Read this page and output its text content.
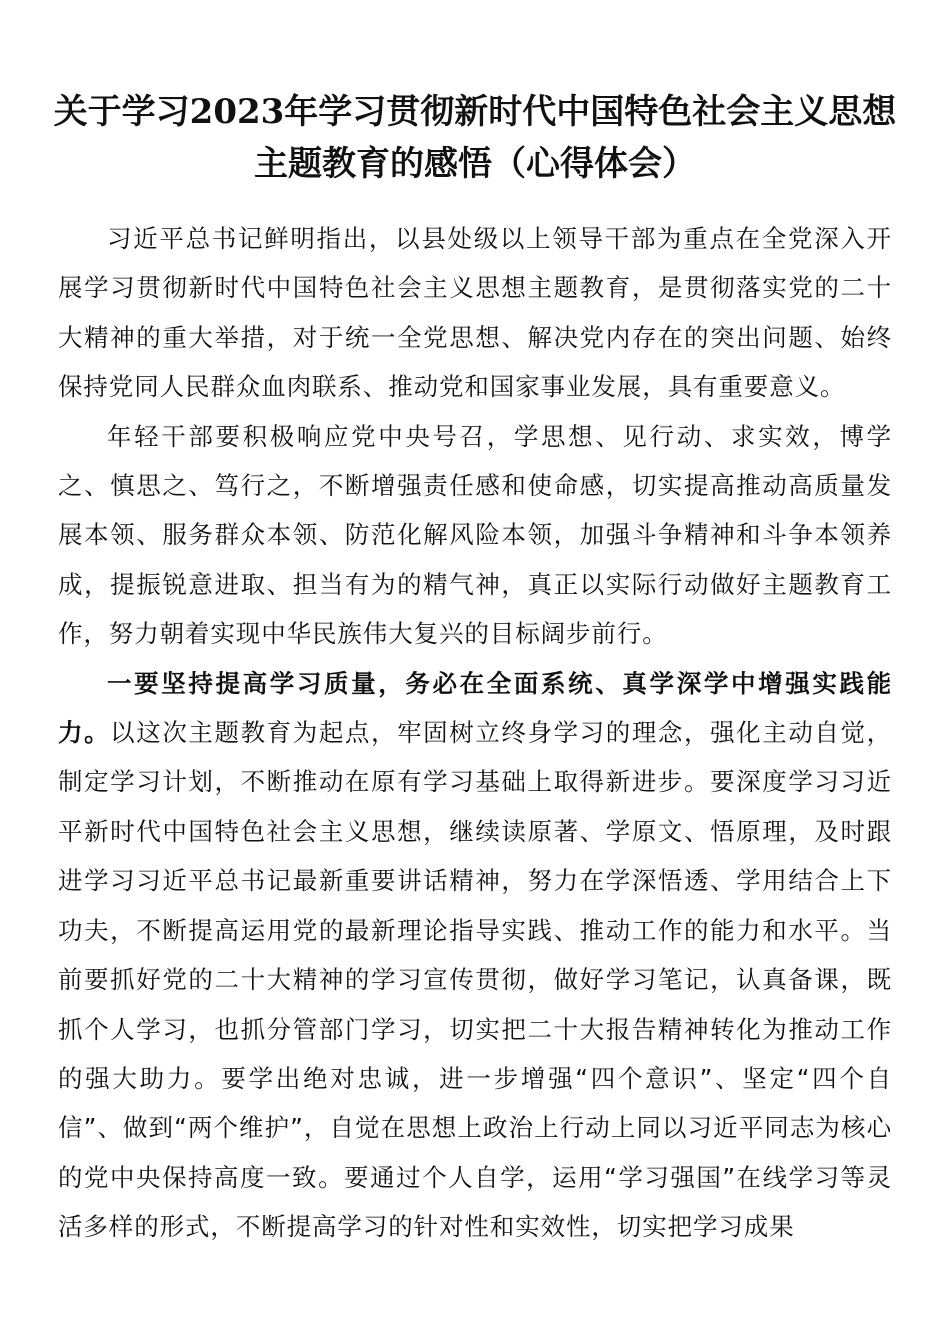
关于学习2023年学习贯彻新时代中国特色社会主义思想主题教育的感悟（心得体会）

习近平总书记鲜明指出，以县处级以上领导干部为重点在全党深入开展学习贯彻新时代中国特色社会主义思想主题教育，是贯彻落实党的二十大精神的重大举措，对于统一全党思想、解决党内存在的突出问题、始终保持党同人民群众血肉联系、推动党和国家事业发展，具有重要意义。

年轻干部要积极响应党中央号召，学思想、见行动、求实效，博学之、慎思之、笃行之，不断增强责任感和使命感，切实提高推动高质量发展本领、服务群众本领、防范化解风险本领，加强斗争精神和斗争本领养成，提振锐意进取、担当有为的精气神，真正以实际行动做好主题教育工作，努力朝着实现中华民族伟大复兴的目标阔步前行。

一要坚持提高学习质量，务必在全面系统、真学深学中增强实践能力。以这次主题教育为起点，牢固树立终身学习的理念，强化主动自觉，制定学习计划，不断推动在原有学习基础上取得新进步。要深度学习习近平新时代中国特色社会主义思想，继续读原著、学原文、悟原理，及时跟进学习习近平总书记最新重要讲话精神，努力在学深悟透、学用结合上下功夫，不断提高运用党的最新理论指导实践、推动工作的能力和水平。当前要抓好党的二十大精神的学习宣传贯彻，做好学习笔记，认真备课，既抓个人学习，也抓分管部门学习，切实把二十大报告精神转化为推动工作的强大助力。要学出绝对忠诚，进一步增强“四个意识”、坚定“四个自信”、做到“两个维护”，自觉在思想上政治上行动上同以习近平同志为核心的党中央保持高度一致。要通过个人自学，运用“学习强国”在线学习等灵活多样的形式，不断提高学习的针对性和实效性，切实把学习成果
